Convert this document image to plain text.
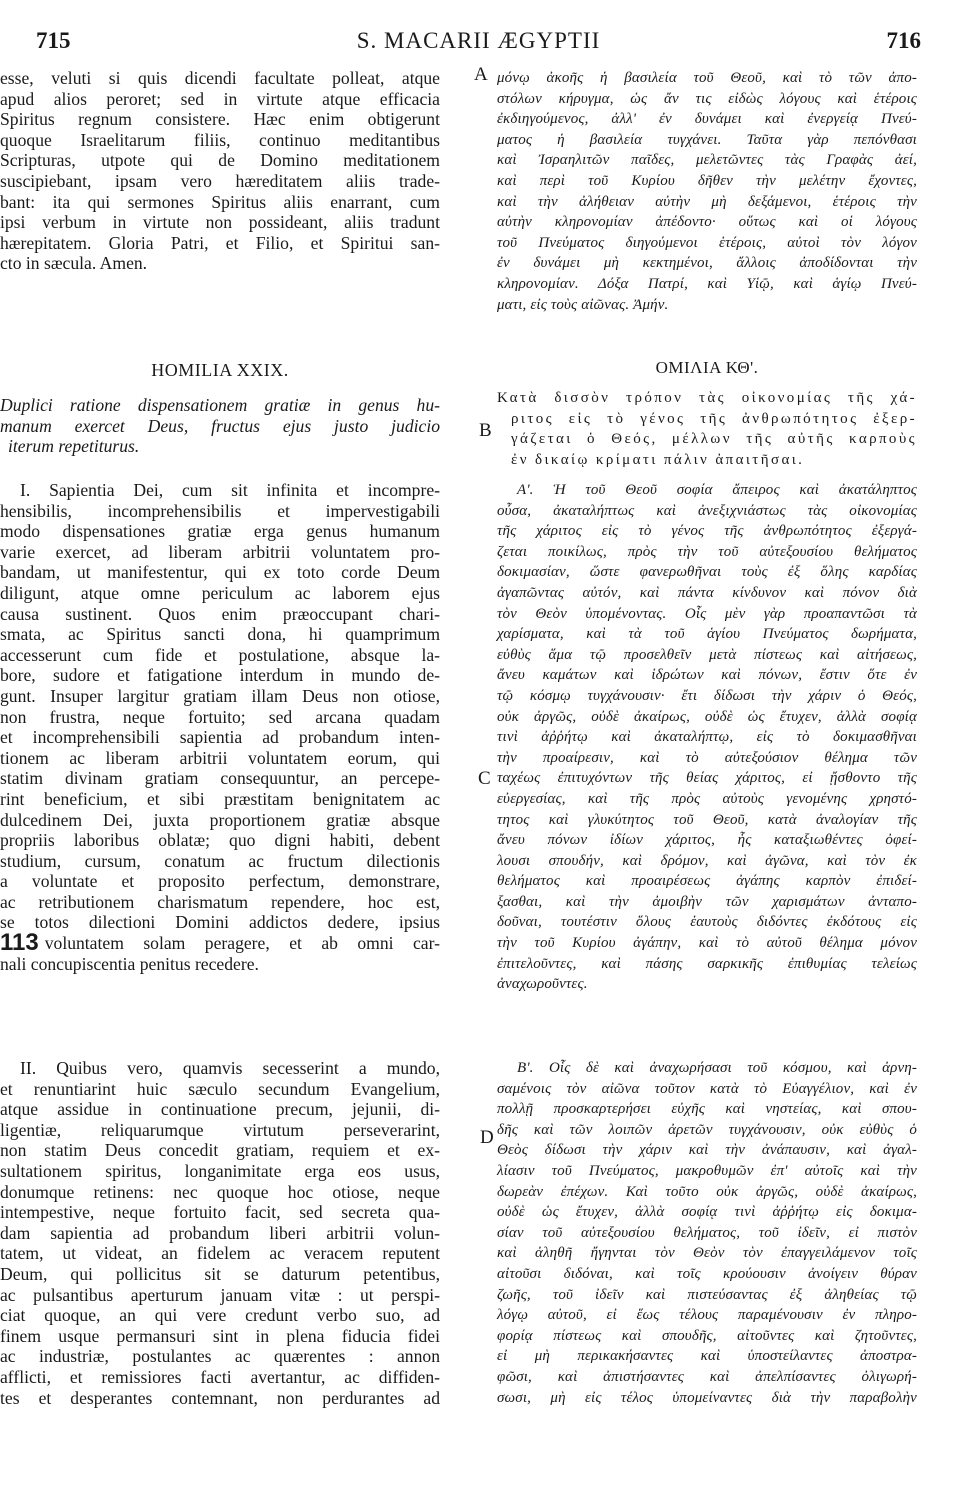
715	S. MACARII ÆGYPTII	716
A
B
C
D
esse, veluti si quis dicendi facultate polleat, atque
apud alios peroret; sed in virtute atque efficacia
Spiritus regnum consistere. Hæc enim obtigerunt
quoque Israelitarum filiis, continuo meditantibus
Scripturas, utpote qui de Domino meditationem
suscipiebant, ipsam vero hæreditatem aliis trade-
bant: ita qui sermones Spiritus aliis enarrant, cum
ipsi verbum in virtute non possideant, aliis tradunt
hærepitatem. Gloria Patri, et Filio, et Spiritui san-
cto in sæcula. Amen.
HOMILIA XXIX.
Duplici ratione dispensationem gratiæ in genus hu-
manum exercet Deus, fructus ejus justo judicio
iterum repetiturus.
I. Sapientia Dei, cum sit infinita et incompre-
hensibilis, incomprehensibilis et impervestigabili
modo dispensationes gratiæ erga genus humanum
varie exercet, ad liberam arbitrii voluntatem pro-
bandam, ut manifestentur, qui ex toto corde Deum
diligunt, atque omne periculum ac laborem ejus
causa sustinent. Quos enim præoccupant chari-
smata, ac Spiritus sancti dona, hi quamprimum
accesserunt cum fide et postulatione, absque la-
bore, sudore et fatigatione interdum in mundo de-
gunt. Insuper largitur gratiam illam Deus non otiose,
non frustra, neque fortuito; sed arcana quadam
et incomprehensibili sapientia ad probandum inten-
tionem ac liberam arbitrii voluntatem eorum, qui
statim divinam gratiam consequuntur, an percepe-
rint beneficium, et sibi præstitam benignitatem ac
dulcedinem Dei, juxta proportionem gratiæ absque
propriis laboribus oblatæ; quo digni habiti, debent
studium, cursum, conatum ac fructum dilectionis
a voluntate et proposito perfectum, demonstrare,
ac retributionem charismatum rependere, hoc est,
se totos dilectioni Domini addictos dedere, ipsius
113 voluntatem solam peragere, et ab omni car-
nali concupiscentia penitus recedere.
II. Quibus vero, quamvis secesserint a mundo,
et renuntiarint huic sæculo secundum Evangelium,
atque assidue in continuatione precum, jejunii, di-
ligentiæ, reliquarumque virtutum perseverarint,
non statim Deus concedit gratiam, requiem et ex-
sultationem spiritus, longanimitate erga eos usus,
donumque retinens: nec quoque hoc otiose, neque
intempestive, neque fortuito facit, sed secreta qua-
dam sapientia ad probandum liberi arbitrii volun-
tatem, ut videat, an fidelem ac veracem reputent
Deum, qui pollicitus sit se daturum petentibus,
ac pulsantibus aperturum januam vitæ : ut perspi-
ciat quoque, an qui vere credunt verbo suo, ad
finem usque permansuri sint in plena fiducia fidei
ac industriæ, postulantes ac quærentes : annon
afflicti, et remissiores facti avertantur, ac diffiden-
tes et desperantes contemnant, non perdurantes ad
μόνῳ ἀκοῆς ἡ βασιλεία τοῦ Θεοῦ, καὶ τὸ τῶν ἀπο-
στόλων κήρυγμα, ὡς ἄν τις εἰδὼς λόγους καὶ ἑτέροις
ἐκδιηγούμενος, ἀλλ' ἐν δυνάμει καὶ ἐνεργείᾳ Πνεύ-
ματος ἡ βασιλεία τυγχάνει. Ταῦτα γὰρ πεπόνθασι
καὶ Ἰσραηλιτῶν παῖδες, μελετῶντες τὰς Γραφὰς ἀεί,
καὶ περὶ τοῦ Κυρίου δῆθεν τὴν μελέτην ἔχοντες,
καὶ τὴν ἀλήθειαν αὐτὴν μὴ δεξάμενοι, ἑτέροις τὴν
αὐτὴν κληρονομίαν ἀπέδοντο· οὕτως καὶ οἱ λόγους
τοῦ Πνεύματος διηγούμενοι ἑτέροις, αὐτοὶ τὸν λόγον
ἐν δυνάμει μὴ κεκτημένοι, ἄλλοις ἀποδίδονται τὴν
κληρονομίαν. Δόξα Πατρί, καὶ Υἱῷ, καὶ ἁγίῳ Πνεύ-
ματι, εἰς τοὺς αἰῶνας. Ἀμήν.
ΟΜΙΛΙΑ ΚΘ'.
Κατὰ δισσὸν τρόπον τὰς οἰκονομίας τῆς χά-
ριτος εἰς τὸ γένος τῆς ἀνθρωπότητος ἐξερ-
γάζεται ὁ Θεός, μέλλων τῆς αὐτῆς καρποὺς
ἐν δικαίῳ κρίματι πάλιν ἀπαιτῆσαι.
Α'. Ἡ τοῦ Θεοῦ σοφία ἄπειρος καὶ ἀκατάληπτος
οὖσα, ἀκαταλήπτως καὶ ἀνεξιχνιάστως τὰς οἰκονομίας
τῆς χάριτος εἰς τὸ γένος τῆς ἀνθρωπότητος ἐξεργά-
ζεται ποικίλως, πρὸς τὴν τοῦ αὐτεξουσίου θελήματος
δοκιμασίαν, ὥστε φανερωθῆναι τοὺς ἐξ ὅλης καρδίας
ἀγαπῶντας αὐτόν, καὶ πάντα κίνδυνον καὶ πόνον διὰ
τὸν Θεὸν ὑπομένοντας. Οἷς μὲν γὰρ προαπαντῶσι τὰ
χαρίσματα, καὶ τὰ τοῦ ἁγίου Πνεύματος δωρήματα,
εὐθὺς ἅμα τῷ προσελθεῖν μετὰ πίστεως καὶ αἰτήσεως,
ἄνευ καμάτων καὶ ἱδρώτων καὶ πόνων, ἔστιν ὅτε ἐν
τῷ κόσμῳ τυγχάνουσιν· ἔτι δίδωσι τὴν χάριν ὁ Θεός,
οὐκ ἀργῶς, οὐδὲ ἀκαίρως, οὐδὲ ὡς ἔτυχεν, ἀλλὰ σοφίᾳ
τινὶ ἀῤῥήτῳ καὶ ἀκαταλήπτῳ, εἰς τὸ δοκιμασθῆναι
τὴν προαίρεσιν, καὶ τὸ αὐτεξούσιον θέλημα τῶν
ταχέως ἐπιτυχόντων τῆς θείας χάριτος, εἰ ᾔσθοντο τῆς
εὐεργεσίας, καὶ τῆς πρὸς αὐτοὺς γενομένης χρηστό-
τητος καὶ γλυκύτητος τοῦ Θεοῦ, κατὰ ἀναλογίαν τῆς
ἄνευ πόνων ἰδίων χάριτος, ἧς καταξιωθέντες ὀφεί-
λουσι σπουδήν, καὶ δρόμον, καὶ ἀγῶνα, καὶ τὸν ἐκ
θελήματος καὶ προαιρέσεως ἀγάπης καρπὸν ἐπιδεί-
ξασθαι, καὶ τὴν ἀμοιβὴν τῶν χαρισμάτων ἀνταπο-
δοῦναι, τουτέστιν ὅλους ἑαυτοὺς διδόντες ἐκδότους εἰς
τὴν τοῦ Κυρίου ἀγάπην, καὶ τὸ αὐτοῦ θέλημα μόνον
ἐπιτελοῦντες, καὶ πάσης σαρκικῆς ἐπιθυμίας τελείως
ἀναχωροῦντες.
Β'. Οἷς δὲ καὶ ἀναχωρήσασι τοῦ κόσμου, καὶ ἀρνη-
σαμένοις τὸν αἰῶνα τοῦτον κατὰ τὸ Εὐαγγέλιον, καὶ ἐν
πολλῇ προσκαρτερήσει εὐχῆς καὶ νηστείας, καὶ σπου-
δῆς καὶ τῶν λοιπῶν ἀρετῶν τυγχάνουσιν, οὐκ εὐθὺς ὁ
Θεὸς δίδωσι τὴν χάριν καὶ τὴν ἀνάπαυσιν, καὶ ἀγαλ-
λίασιν τοῦ Πνεύματος, μακροθυμῶν ἐπ' αὐτοῖς καὶ τὴν
δωρεὰν ἐπέχων. Καὶ τοῦτο οὐκ ἀργῶς, οὐδὲ ἀκαίρως,
οὐδὲ ὡς ἔτυχεν, ἀλλὰ σοφίᾳ τινὶ ἀῤῥήτῳ εἰς δοκιμα-
σίαν τοῦ αὐτεξουσίου θελήματος, τοῦ ἰδεῖν, εἰ πιστὸν
καὶ ἀληθῆ ἤγηνται τὸν Θεὸν τὸν ἐπαγγειλάμενον τοῖς
αἰτοῦσι διδόναι, καὶ τοῖς κρούουσιν ἀνοίγειν θύραν
ζωῆς, τοῦ ἰδεῖν καὶ πιστεύσαντας ἐξ ἀληθείας τῷ
λόγῳ αὐτοῦ, εἰ ἕως τέλους παραμένουσιν ἐν πληρο-
φορίᾳ πίστεως καὶ σπουδῆς, αἰτοῦντες καὶ ζητοῦντες,
εἰ μὴ περικακήσαντες καὶ ὑποστείλαντες ἀποστρα-
φῶσι, καὶ ἀπιστήσαντες καὶ ἀπελπίσαντες ὀλιγωρή-
σωσι, μὴ εἰς τέλος ὑπομείναντες διὰ τὴν παραβολὴν
